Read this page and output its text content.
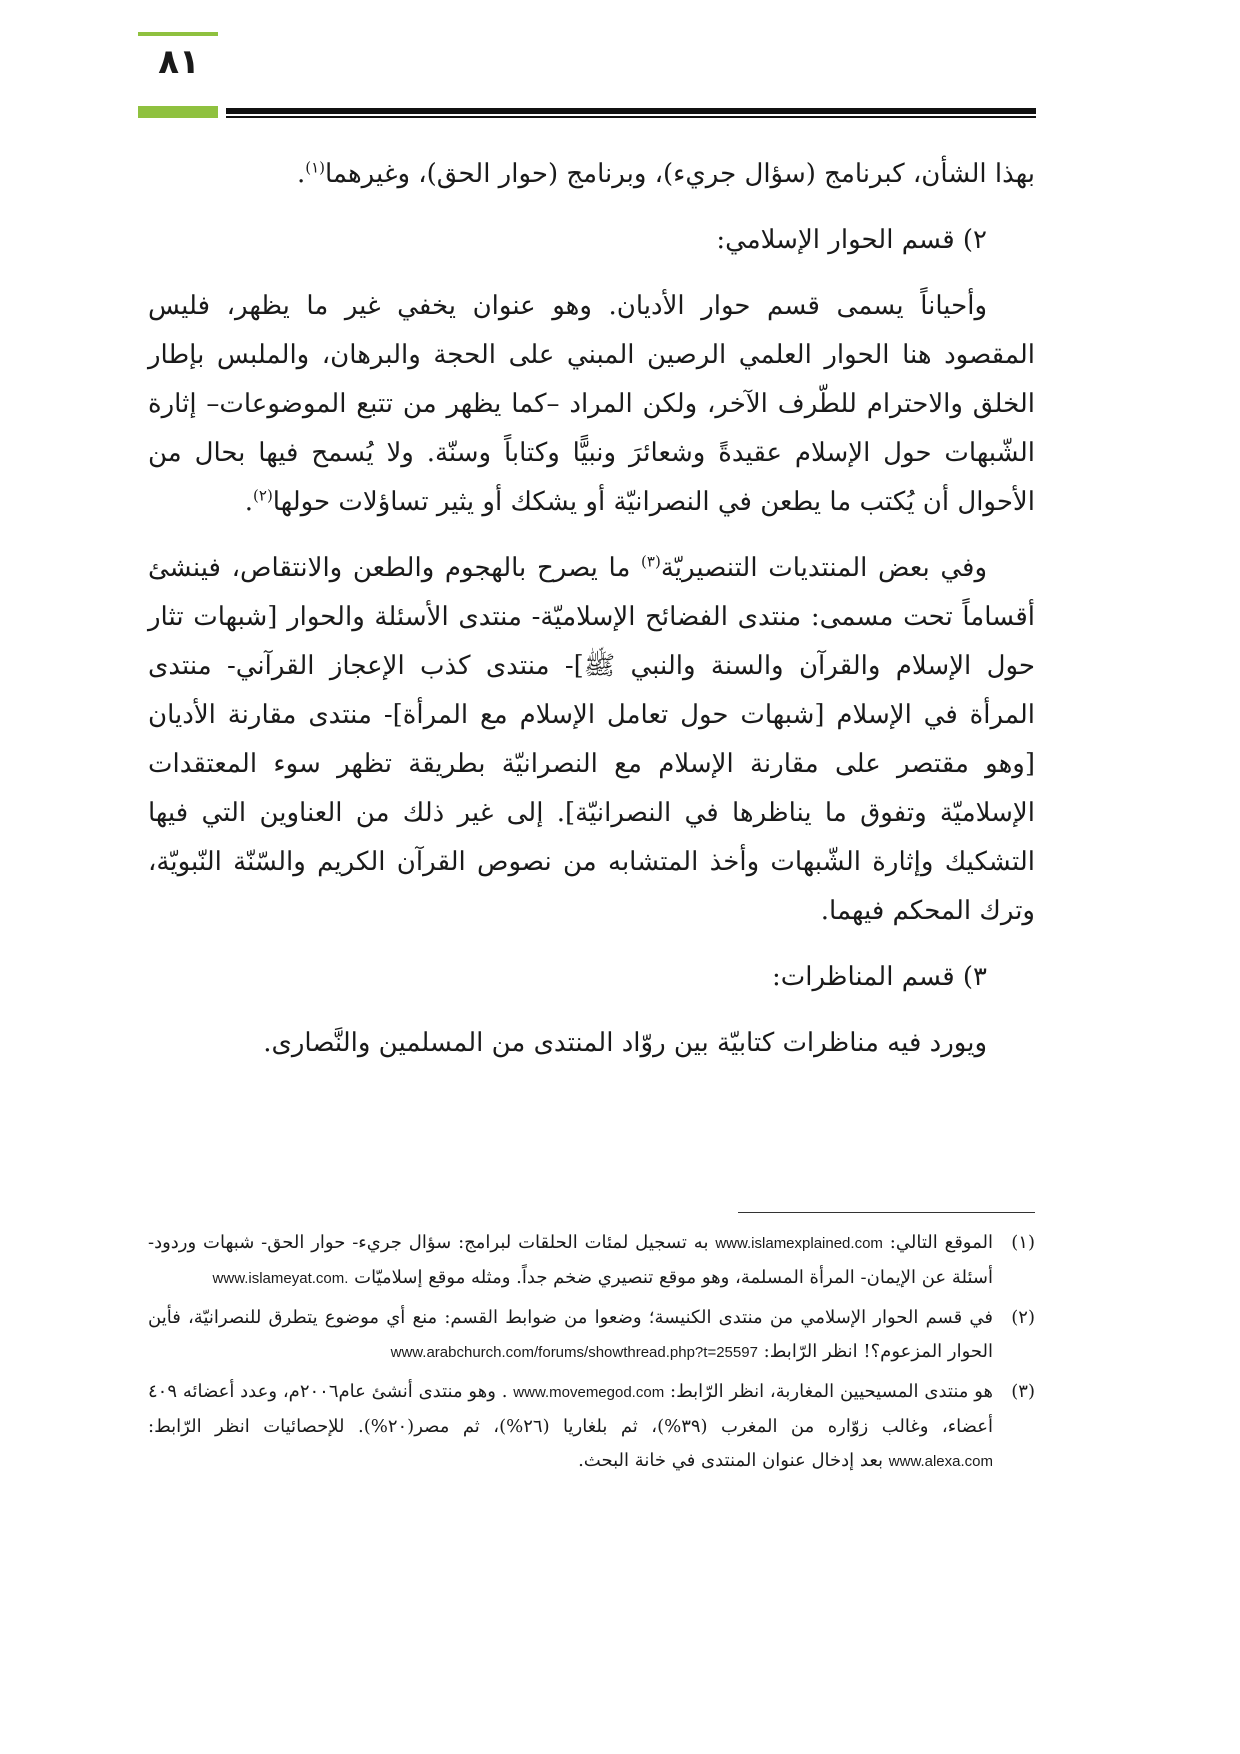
٨١

بهذا الشأن، كبرنامج (سؤال جريء)، وبرنامج (حوار الحق)، وغيرهما$^{(١)}$.

٢) قسم الحوار الإسلامي:

وأحياناً يسمى قسم حوار الأديان. وهو عنوان يخفي غير ما يظهر، فليس المقصود هنا الحوار العلمي الرصين المبني على الحجة والبرهان، والملبس بإطار الخلق والاحترام للطّرف الآخر، ولكن المراد –كما يظهر من تتبع الموضوعات– إثارة الشّبهات حول الإسلام عقيدةً وشعائرَ ونبيًّا وكتاباً وسنّة. ولا يُسمح فيها بحال من الأحوال أن يُكتب ما يطعن في النصرانيّة أو يشكك أو يثير تساؤلات حولها$^{(٢)}$.

وفي بعض المنتديات التنصيريّة$^{(٣)}$ ما يصرح بالهجوم والطعن والانتقاص، فينشئ أقساماً تحت مسمى: منتدى الفضائح الإسلاميّة- منتدى الأسئلة والحوار [شبهات تثار حول الإسلام والقرآن والسنة والنبي ﷺ]- منتدى كذب الإعجاز القرآني- منتدى المرأة في الإسلام [شبهات حول تعامل الإسلام مع المرأة]- منتدى مقارنة الأديان [وهو مقتصر على مقارنة الإسلام مع النصرانيّة بطريقة تظهر سوء المعتقدات الإسلاميّة وتفوق ما يناظرها في النصرانيّة]. إلى غير ذلك من العناوين التي فيها التشكيك وإثارة الشّبهات وأخذ المتشابه من نصوص القرآن الكريم والسّنّة النّبويّة، وترك المحكم فيهما.

٣) قسم المناظرات:

ويورد فيه مناظرات كتابيّة بين روّاد المنتدى من المسلمين والنَّصارى.

(١)
الموقع التالي: www.islamexplained.com به تسجيل لمئات الحلقات لبرامج: سؤال جريء- حوار الحق- شبهات وردود- أسئلة عن الإيمان- المرأة المسلمة، وهو موقع تنصيري ضخم جداً. ومثله موقع إسلاميّات www.islameyat.com.
(٢)
في قسم الحوار الإسلامي من منتدى الكنيسة؛ وضعوا من ضوابط القسم: منع أي موضوع يتطرق للنصرانيّة، فأين الحوار المزعوم؟! انظر الرّابط: www.arabchurch.com/forums/showthread.php?t=25597
(٣)
هو منتدى المسيحيين المغاربة، انظر الرّابط: www.movemegod.com . وهو منتدى أنشئ عام٢٠٠٦م، وعدد أعضائه ٤٠٩ أعضاء، وغالب زوّاره من المغرب (٣٩%)، ثم بلغاريا (٢٦%)، ثم مصر(٢٠%). للإحصائيات انظر الرّابط: www.alexa.com بعد إدخال عنوان المنتدى في خانة البحث.
